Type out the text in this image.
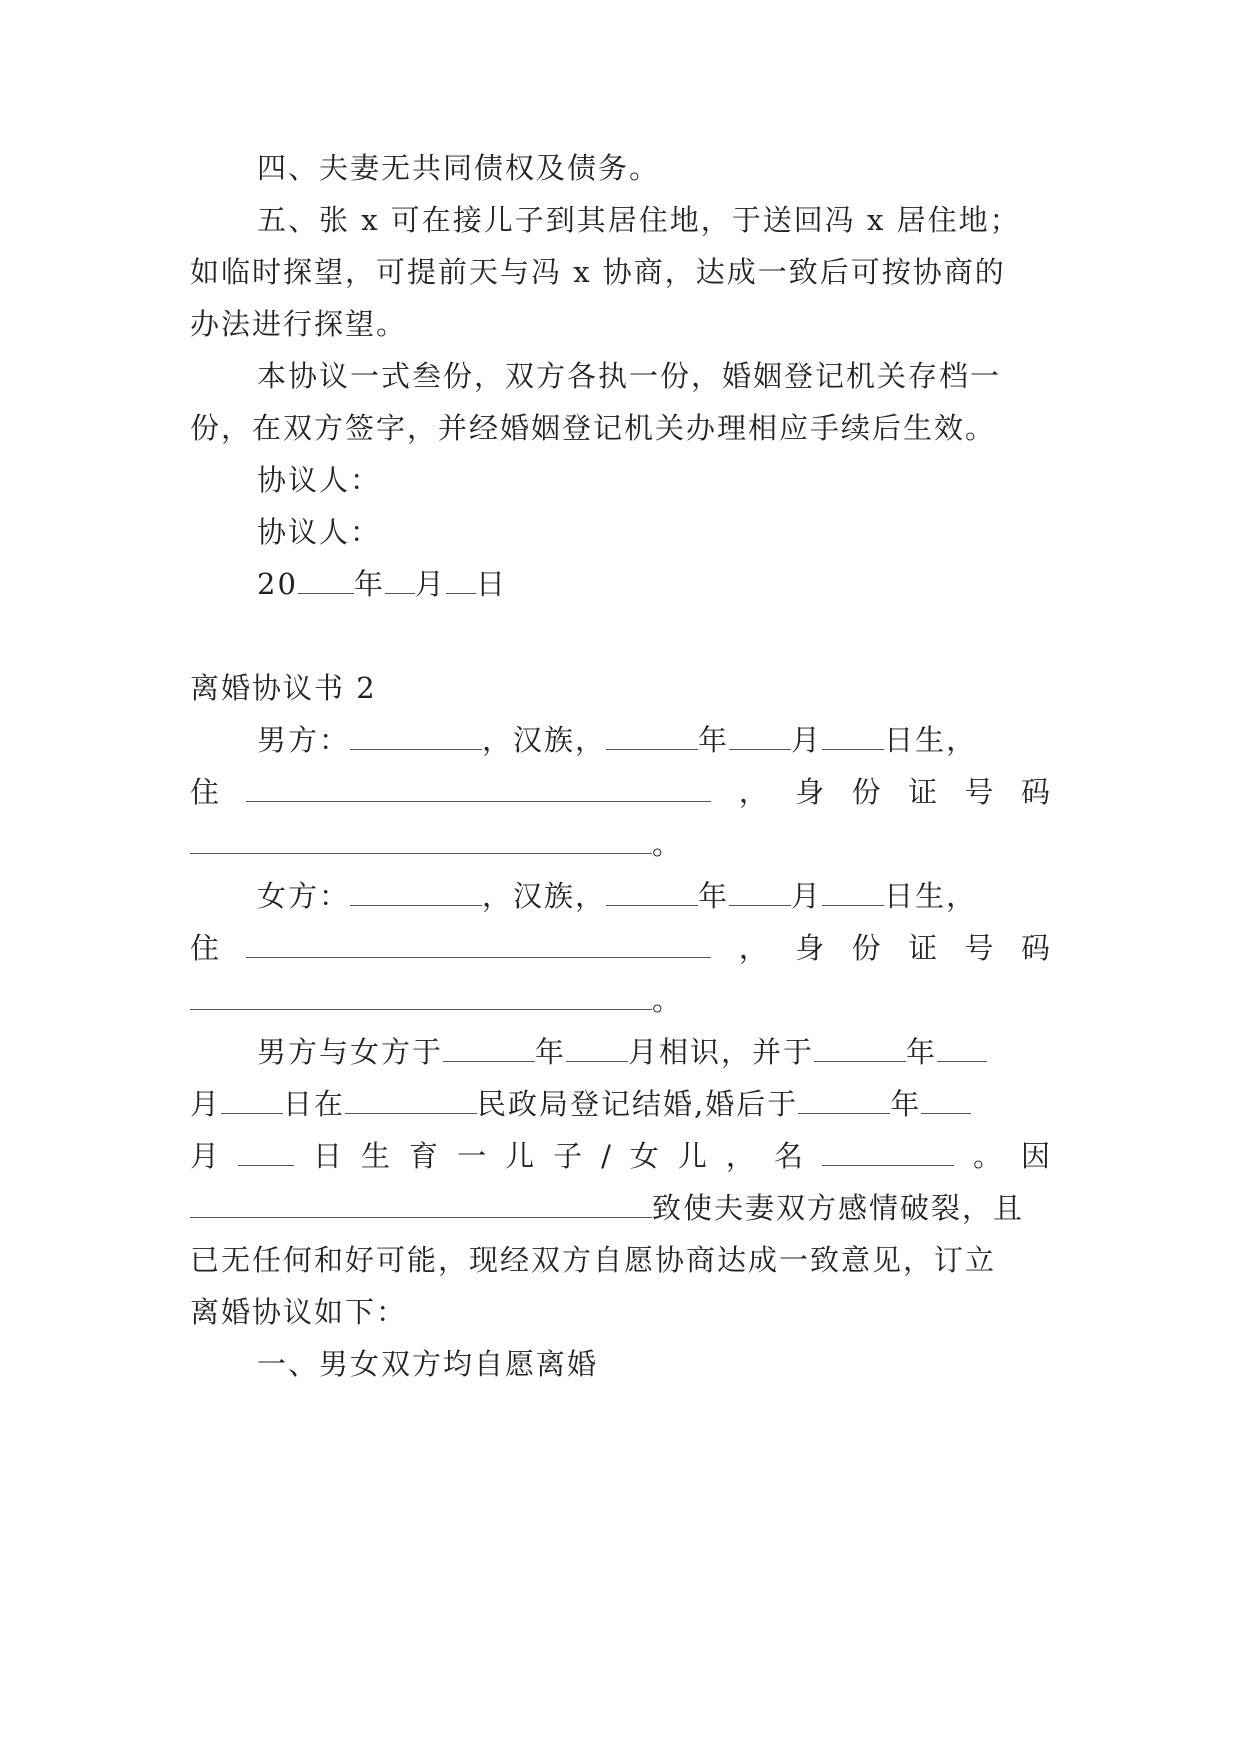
四、夫妻无共同债权及债务。
五、张 x 可在接儿子到其居住地，于送回冯 x 居住地；
如临时探望，可提前天与冯 x 协商，达成一致后可按协商的
办法进行探望。
本协议一式叁份，双方各执一份，婚姻登记机关存档一
份，在双方签字，并经婚姻登记机关办理相应手续后生效。
协议人：
协议人：
20 年 月 日
离婚协议书 2
男方：	，汉族，	年 月 日生，
住	， 身 份 证 号 码
。
女方：	，汉族，	年 月 日生，
住	， 身 份 证 号 码
。
男方与女方于	年 月相识，并于	年
月 日在	民政局登记结婚,婚后于	年
月	日 生 育 一 儿 子 / 女 儿 ， 名	。 因
致使夫妻双方感情破裂，且
已无任何和好可能，现经双方自愿协商达成一致意见，订立
离婚协议如下：
一、男女双方均自愿离婚
